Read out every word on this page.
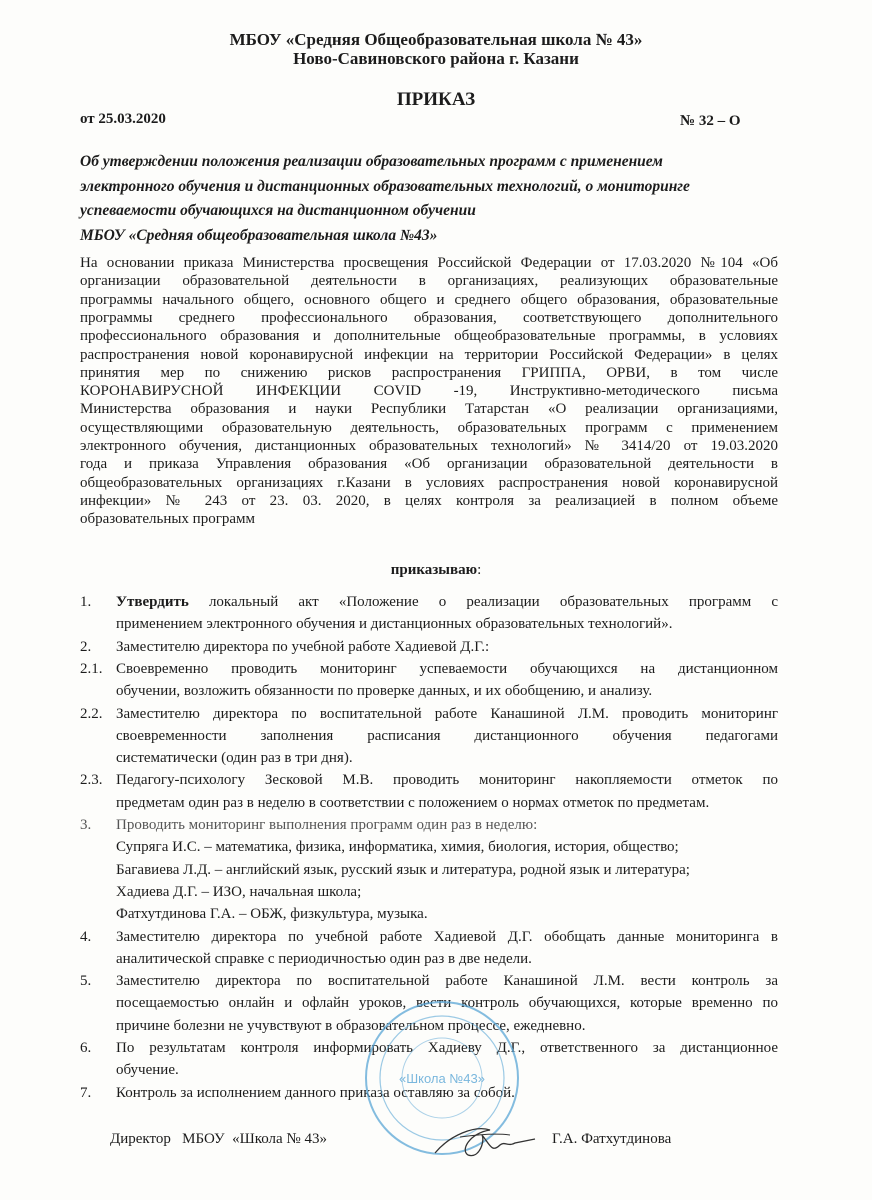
МБОУ «Средняя Общеобразовательная школа № 43»
Ново-Савиновского района г. Казани
ПРИКАЗ
от 25.03.2020	№ 32 – О
Об утверждении положения реализации образовательных программ с применением
электронного обучения и дистанционных образовательных технологий, о мониторинге
успеваемости обучающихся на дистанционном обучении
МБОУ «Средняя общеобразовательная школа №43»
На основании приказа Министерства просвещения Российской Федерации от 17.03.2020 №104 «Об
организации образовательной деятельности в организациях, реализующих образовательные
программы начального общего, основного общего и среднего общего образования, образовательные
программы среднего профессионального образования, соответствующего дополнительного
профессионального образования и дополнительные общеобразовательные программы, в условиях
распространения новой коронавирусной инфекции на территории Российской Федерации» в целях
принятия мер по снижению рисков распространения ГРИППА, ОРВИ, в том числе
КОРОНАВИРУСНОЙ ИНФЕКЦИИ COVID -19, Инструктивно-методического письма
Министерства образования и науки Республики Татарстан «О реализации организациями,
осуществляющими образовательную деятельность, образовательных программ с применением
электронного обучения, дистанционных образовательных технологий» № 3414/20 от 19.03.2020
года и приказа Управления образования «Об организации образовательной деятельности в
общеобразовательных организациях г.Казани в условиях распространения новой коронавирусной
инфекции» № 243 от 23. 03. 2020, в целях контроля за реализацией в полном объеме
образовательных программ
приказываю:
1. Утвердить локальный акт «Положение о реализации образовательных программ с
применением электронного обучения и дистанционных образовательных технологий».
2. Заместителю директора по учебной работе Хадиевой Д.Г.:
2.1. Своевременно проводить мониторинг успеваемости обучающихся на дистанционном
обучении, возложить обязанности по проверке данных, и их обобщению, и анализу.
2.2. Заместителю директора по воспитательной работе Канашиной Л.М. проводить мониторинг
своевременности заполнения расписания дистанционного обучения педагогами
систематически (один раз в три дня).
2.3. Педагогу-психологу Зесковой М.В. проводить мониторинг накопляемости отметок по
предметам один раз в неделю в соответствии с положением о нормах отметок по предметам.
3. Проводить мониторинг выполнения программ один раз в неделю:
Супряга И.С. – математика, физика, информатика, химия, биология, история, общество;
Багавиева Л.Д. – английский язык, русский язык и литература, родной язык и литература;
Хадиева Д.Г. – ИЗО, начальная школа;
Фатхутдинова Г.А. – ОБЖ, физкультура, музыка.
4. Заместителю директора по учебной работе Хадиевой Д.Г. обобщать данные мониторинга в
аналитической справке с периодичностью один раз в две недели.
5. Заместителю директора по воспитательной работе Канашиной Л.М. вести контроль за
посещаемостью онлайн и офлайн уроков, вести контроль обучающихся, которые временно по
причине болезни не учувствуют в образовательном процессе, ежедневно.
6. По результатам контроля информировать Хадиеву Д.Г., ответственного за дистанционное
обучение.
7. Контроль за исполнением данного приказа оставляю за собой.
Директор   МБОУ  «Школа № 43»	Г.А. Фатхутдинова
«Школа №43»
